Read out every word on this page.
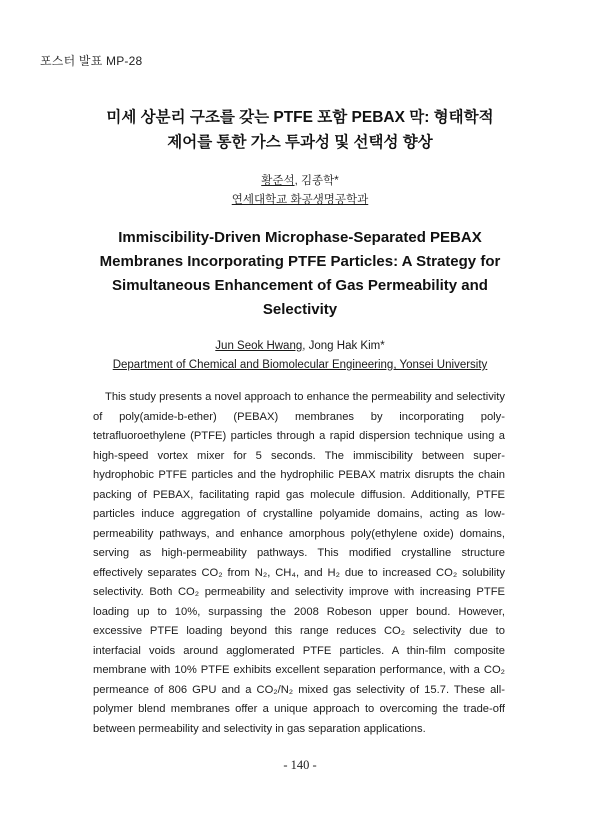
포스터 발표 MP-28
미세 상분리 구조를 갖는 PTFE 포함 PEBAX 막: 형태학적
제어를 통한 가스 투과성 및 선택성 향상
황준석, 김종학*
연세대학교 화공생명공학과
Immiscibility-Driven Microphase-Separated PEBAX
Membranes Incorporating PTFE Particles: A Strategy for
Simultaneous Enhancement of Gas Permeability and
Selectivity
Jun Seok Hwang, Jong Hak Kim*
Department of Chemical and Biomolecular Engineering, Yonsei University
This study presents a novel approach to enhance the permeability and selectivity of poly(amide-b-ether) (PEBAX) membranes by incorporating polytetrafluoroethylene (PTFE) particles through a rapid dispersion technique using a high-speed vortex mixer for 5 seconds. The immiscibility between superhydrophobic PTFE particles and the hydrophilic PEBAX matrix disrupts the chain packing of PEBAX, facilitating rapid gas molecule diffusion. Additionally, PTFE particles induce aggregation of crystalline polyamide domains, acting as low-permeability pathways, and enhance amorphous poly(ethylene oxide) domains, serving as high-permeability pathways. This modified crystalline structure effectively separates CO₂ from N₂, CH₄, and H₂ due to increased CO₂ solubility selectivity. Both CO₂ permeability and selectivity improve with increasing PTFE loading up to 10%, surpassing the 2008 Robeson upper bound. However, excessive PTFE loading beyond this range reduces CO₂ selectivity due to interfacial voids around agglomerated PTFE particles. A thin-film composite membrane with 10% PTFE exhibits excellent separation performance, with a CO₂ permeance of 806 GPU and a CO₂/N₂ mixed gas selectivity of 15.7. These all-polymer blend membranes offer a unique approach to overcoming the trade-off between permeability and selectivity in gas separation applications.
- 140 -
